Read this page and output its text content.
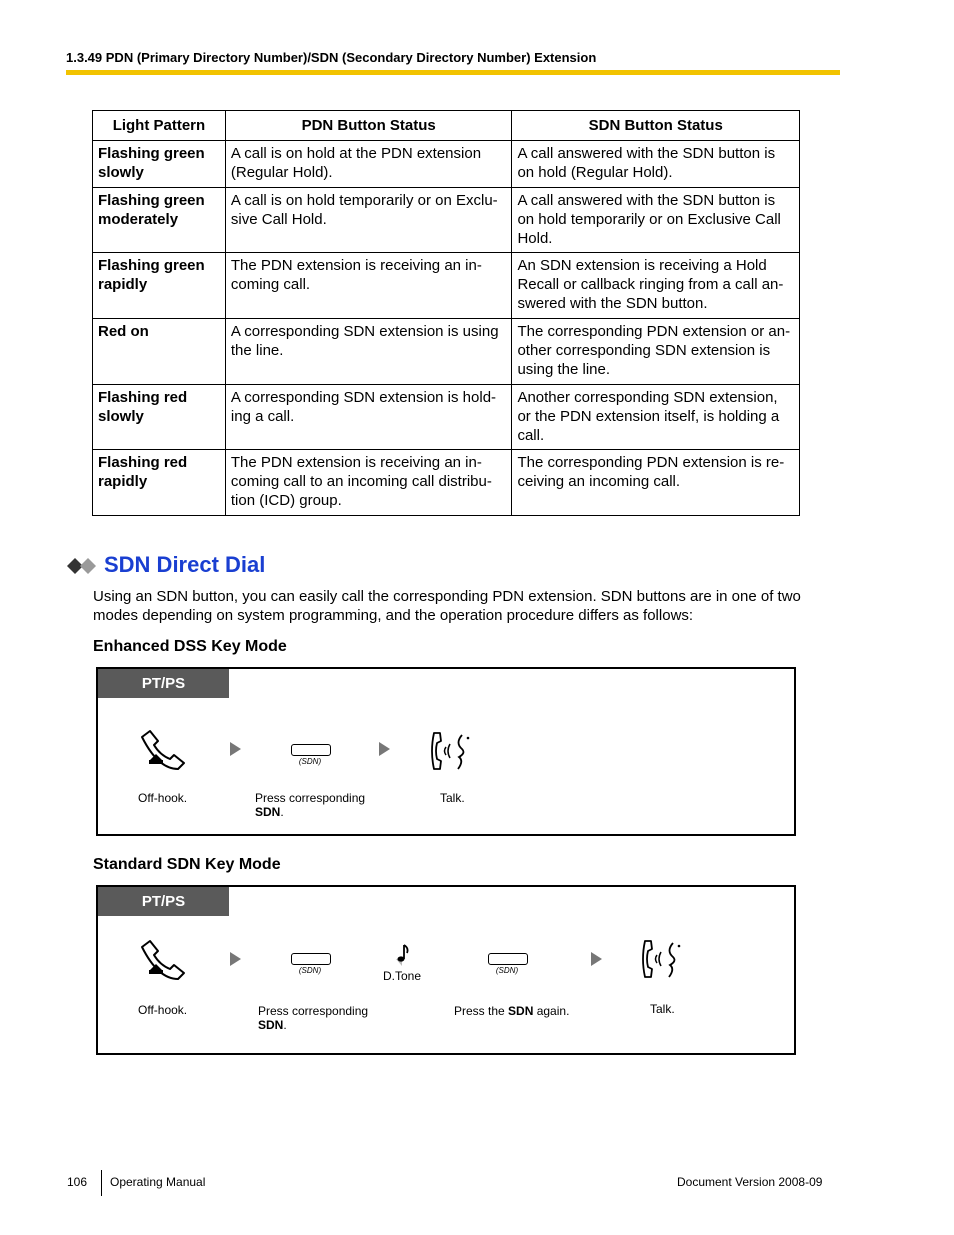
1.3.49 PDN (Primary Directory Number)/SDN (Secondary Directory Number) Extension
Light Pattern	PDN Button Status	SDN Button Status
Flashing green slowly	A call is on hold at the PDN extension (Regular Hold).	A call answered with the SDN button is on hold (Regular Hold).
Flashing green moderately	A call is on hold temporarily or on Exclu-sive Call Hold.	A call answered with the SDN button is on hold temporarily or on Exclusive Call Hold.
Flashing green rapidly	The PDN extension is receiving an in-coming call.	An SDN extension is receiving a Hold Recall or callback ringing from a call an-swered with the SDN button.
Red on	A corresponding SDN extension is using the line.	The corresponding PDN extension or an-other corresponding SDN extension is using the line.
Flashing red slowly	A corresponding SDN extension is hold-ing a call.	Another corresponding SDN extension, or the PDN extension itself, is holding a call.
Flashing red rapidly	The PDN extension is receiving an in-coming call to an incoming call distribu-tion (ICD) group.	The corresponding PDN extension is re-ceiving an incoming call.
SDN Direct Dial
Using an SDN button, you can easily call the corresponding PDN extension. SDN buttons are in one of two modes depending on system programming, and the operation procedure differs as follows:
Enhanced DSS Key Mode
PT/PS
Off-hook.
(SDN)
Press corresponding
SDN.
Talk.
Standard SDN Key Mode
PT/PS
Off-hook.
(SDN)
Press corresponding
SDN.
D.Tone	(SDN)
Press the SDN again.	Talk.
106 Operating Manual	Document Version 2008-09
